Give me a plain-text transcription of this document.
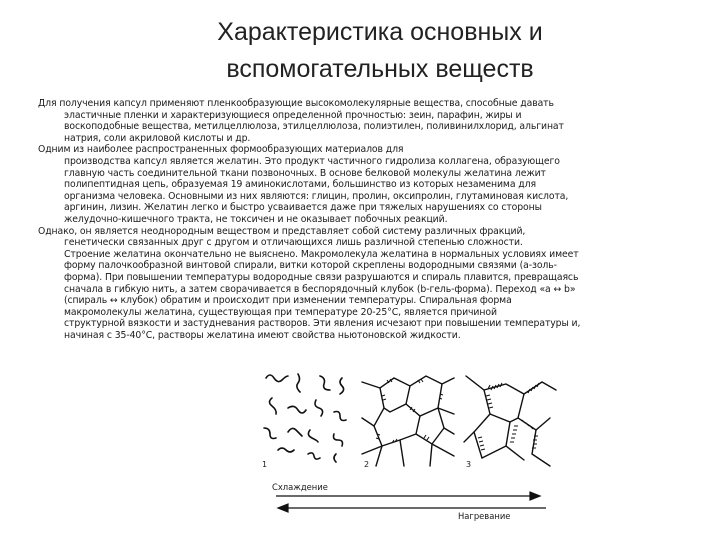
Характеристика основных и
вспомогательных веществ

Для получения капсул применяют пленкообразующие высокомолекулярные вещества, способные давать
эластичные пленки и характеризующиеся определенной прочностью: зеин, парафин, жиры и
воскоподобные вещества, метилцеллюлоза, этилцеллюлоза, полиэтилен, поливинилхлорид, альгинат
натрия, соли акриловой кислоты и др.

Одним из наиболее распространенных формообразующих материалов для
производства капсул является желатин. Это продукт частичного гидролиза коллагена, образующего
главную часть соединительной ткани позвоночных. В основе белковой молекулы желатина лежит
полипептидная цепь, образуемая 19 аминокислотами, большинство из которых незаменима для
организма человека. Основными из них являются: глицин, пролин, оксипролин, глутаминовая кислота,
аргинин, лизин. Желатин легко и быстро усваивается даже при тяжелых нарушениях со стороны
желудочно-кишечного тракта, не токсичен и не оказывает побочных реакций.

Однако, он является неоднородным веществом и представляет собой систему различных фракций,
генетически связанных друг с другом и отличающихся лишь различной степенью сложности.
Строение желатина окончательно не выяснено. Макромолекула желатина в нормальных условиях имеет
форму палочкообразной винтовой спирали, витки которой скреплены водородными связями (а-золь-
форма). При повышении температуры водородные связи разрушаются и спираль плавится, превращаясь
сначала в гибкую нить, а затем сворачивается в беспорядочный клубок (b-гель-форма). Переход «a ↔ b»
(спираль ↔ клубок) обратим и происходит при изменении температуры. Спиральная форма
макромолекулы желатина, существующая при температуре 20-25°С, является причиной
структурной вязкости и застудневания растворов. Эти явления исчезают при повышении температуры и,
начиная с 35-40°С, растворы желатина имеют свойства ньютоновской жидкости.

1	2	3
Схлаждение
Нагревание
